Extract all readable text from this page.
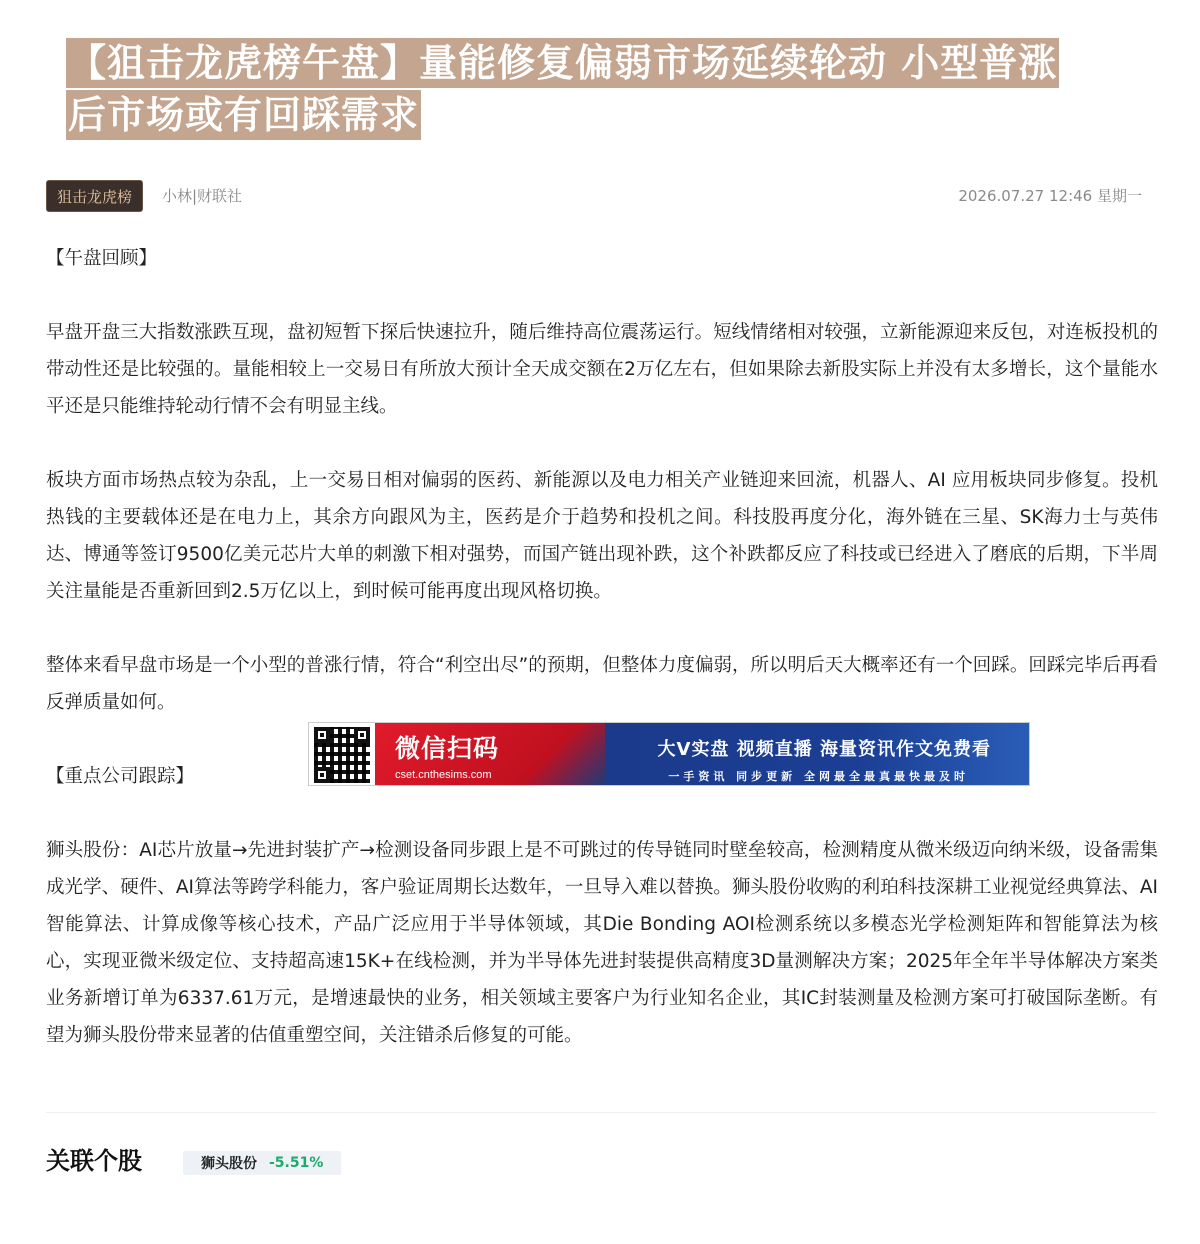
【狙击龙虎榜午盘】量能修复偏弱市场延续轮动 小型普涨
后市场或有回踩需求
狙击龙虎榜	小林|财联社	2026.07.27 12:46 星期一
【午盘回顾】
早盘开盘三大指数涨跌互现，盘初短暂下探后快速拉升，随后维持高位震荡运行。短线情绪相对较强，立新能源迎来反包，对连板投机的带动性还是比较强的。量能相较上一交易日有所放大预计全天成交额在2万亿左右，但如果除去新股实际上并没有太多增长，这个量能水平还是只能维持轮动行情不会有明显主线。
板块方面市场热点较为杂乱，上一交易日相对偏弱的医药、新能源以及电力相关产业链迎来回流，机器人、AI 应用板块同步修复。投机热钱的主要载体还是在电力上，其余方向跟风为主，医药是介于趋势和投机之间。科技股再度分化，海外链在三星、SK海力士与英伟达、博通等签订9500亿美元芯片大单的刺激下相对强势，而国产链出现补跌，这个补跌都反应了科技或已经进入了磨底的后期，下半周关注量能是否重新回到2.5万亿以上，到时候可能再度出现风格切换。
整体来看早盘市场是一个小型的普涨行情，符合“利空出尽”的预期，但整体力度偏弱，所以明后天大概率还有一个回踩。回踩完毕后再看反弹质量如何。
【重点公司跟踪】
狮头股份：AI芯片放量→先进封装扩产→检测设备同步跟上是不可跳过的传导链同时壁垒较高，检测精度从微米级迈向纳米级，设备需集成光学、硬件、AI算法等跨学科能力，客户验证周期长达数年，一旦导入难以替换。狮头股份收购的利珀科技深耕工业视觉经典算法、AI智能算法、计算成像等核心技术，产品广泛应用于半导体领域，其Die Bonding AOI检测系统以多模态光学检测矩阵和智能算法为核心，实现亚微米级定位、支持超高速15K+在线检测，并为半导体先进封装提供高精度3D量测解决方案；2025年全年半导体解决方案类业务新增订单为6337.61万元，是增速最快的业务，相关领域主要客户为行业知名企业，其IC封装测量及检测方案可打破国际垄断。有望为狮头股份带来显著的估值重塑空间，关注错杀后修复的可能。
微信扫码
cset.cnthesims.com
大V实盘 视频直播 海量资讯作文免费看
一手资讯 同步更新 全网最全最真最快最及时
关联个股	狮头股份 -5.51%
